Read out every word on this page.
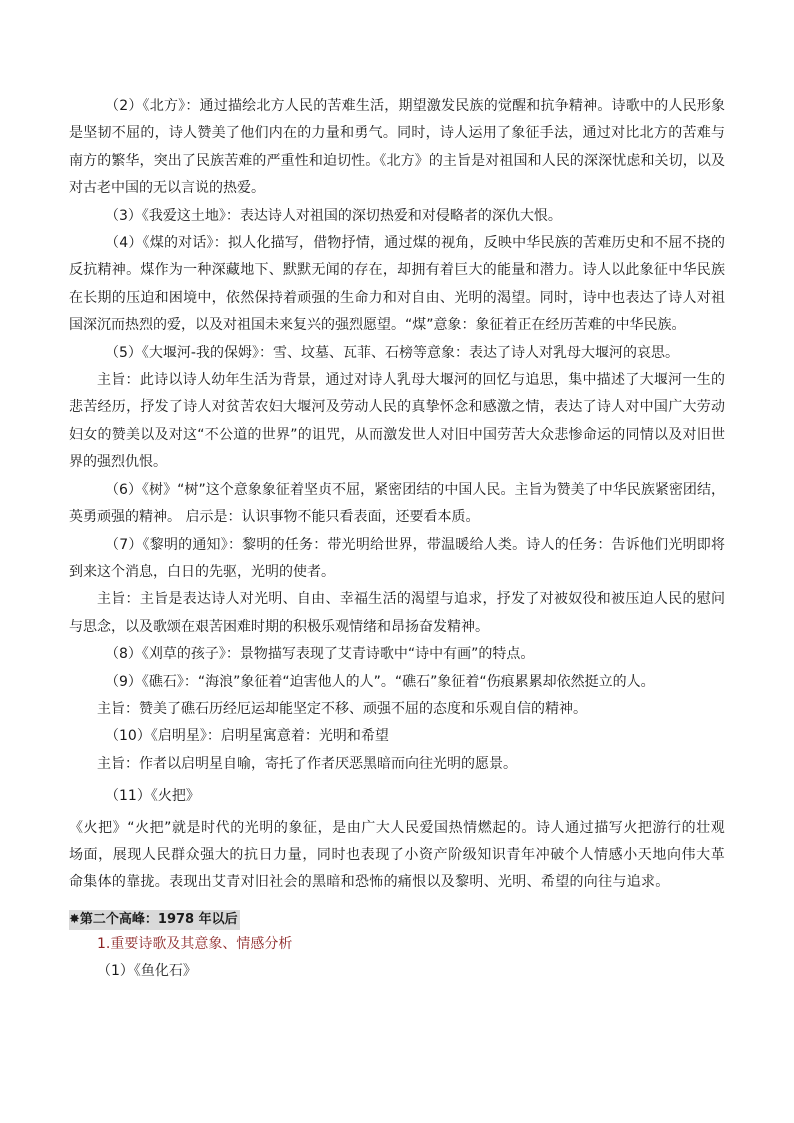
（2）《北方》：通过描绘北方人民的苦难生活，期望激发民族的觉醒和抗争精神。诗歌中的人民形象是坚韧不屈的，诗人赞美了他们内在的力量和勇气。同时，诗人运用了象征手法，通过对比北方的苦难与南方的繁华，突出了民族苦难的严重性和迫切性。《北方》的主旨是对祖国和人民的深深忧虑和关切，以及对古老中国的无以言说的热爱。

（3）《我爱这土地》：表达诗人对祖国的深切热爱和对侵略者的深仇大恨。

（4）《煤的对话》：拟人化描写，借物抒情，通过煤的视角，反映中华民族的苦难历史和不屈不挠的反抗精神。煤作为一种深藏地下、默默无闻的存在，却拥有着巨大的能量和潜力。诗人以此象征中华民族在长期的压迫和困境中，依然保持着顽强的生命力和对自由、光明的渴望。同时，诗中也表达了诗人对祖国深沉而热烈的爱，以及对祖国未来复兴的强烈愿望。“煤”意象：象征着正在经历苦难的中华民族。

（5）《大堰河-我的保姆》：雪、坟墓、瓦菲、石榜等意象：表达了诗人对乳母大堰河的哀思。

主旨：此诗以诗人幼年生活为背景，通过对诗人乳母大堰河的回忆与追思，集中描述了大堰河一生的悲苦经历，抒发了诗人对贫苦农妇大堰河及劳动人民的真挚怀念和感激之情，表达了诗人对中国广大劳动妇女的赞美以及对这“不公道的世界”的诅咒，从而激发世人对旧中国劳苦大众悲惨命运的同情以及对旧世界的强烈仇恨。

（6）《树》“树”这个意象象征着坚贞不屈，紧密团结的中国人民。主旨为赞美了中华民族紧密团结，英勇顽强的精神。 启示是：认识事物不能只看表面，还要看本质。

（7）《黎明的通知》：黎明的任务：带光明给世界，带温暖给人类。诗人的任务：告诉他们光明即将到来这个消息，白日的先驱，光明的使者。

主旨：主旨是表达诗人对光明、自由、幸福生活的渴望与追求，抒发了对被奴役和被压迫人民的慰问与思念，以及歌颂在艰苦困难时期的积极乐观情绪和昂扬奋发精神。

（8）《刈草的孩子》：景物描写表现了艾青诗歌中“诗中有画”的特点。

（9）《礁石》：“海浪”象征着“迫害他人的人”。“礁石”象征着“伤痕累累却依然挺立的人。

主旨：赞美了礁石历经厄运却能坚定不移、顽强不屈的态度和乐观自信的精神。

（10）《启明星》：启明星寓意着：光明和希望

主旨：作者以启明星自喻，寄托了作者厌恶黑暗而向往光明的愿景。

（11）《火把》

《火把》“火把”就是时代的光明的象征，是由广大人民爱国热情燃起的。诗人通过描写火把游行的壮观场面，展现人民群众强大的抗日力量，同时也表现了小资产阶级知识青年冲破个人情感小天地向伟大革命集体的靠拢。表现出艾青对旧社会的黑暗和恐怖的痛恨以及黎明、光明、希望的向往与追求。

✸第二个高峰：1978 年以后

1.重要诗歌及其意象、情感分析

（1）《鱼化石》
